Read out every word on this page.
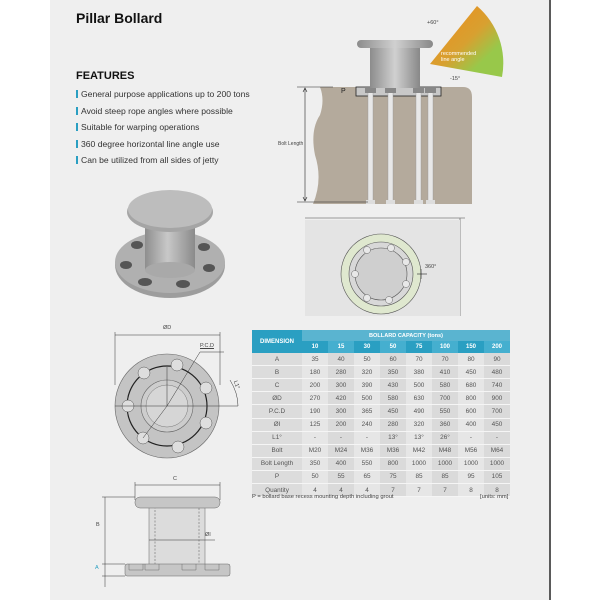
Pillar Bollard
FEATURES
General purpose applications up to 200 tons
Avoid steep rope angles where possible
Suitable for warping operations
360 degree horizontal line angle use
Can be utilized from all sides of jetty
+60°
-15°
recommended
line angle
P
Bolt Length
360°
ØD
P.C.D
L1°
C
B
A
ØI
DIMENSION	BOLLARD CAPACITY (tons)							
	10	15	30	50	75	100	150	200
A	35	40	50	60	70	70	80	90
B	180	280	320	350	380	410	450	480
C	200	300	390	430	500	580	680	740
ØD	270	420	500	580	630	700	800	900
P.C.D	190	300	365	450	490	550	600	700
ØI	125	200	240	280	320	360	400	450
L1°	-	-	-	13°	13°	26°	-	-
Bolt	M20	M24	M36	M36	M42	M48	M56	M64
Bolt Length	350	400	550	800	1000	1000	1000	1000
P	50	55	65	75	85	85	95	105
Quantity	4	4	4	7	7	7	8	8
P = bollard base recess mounting depth including grout	[units: mm]
